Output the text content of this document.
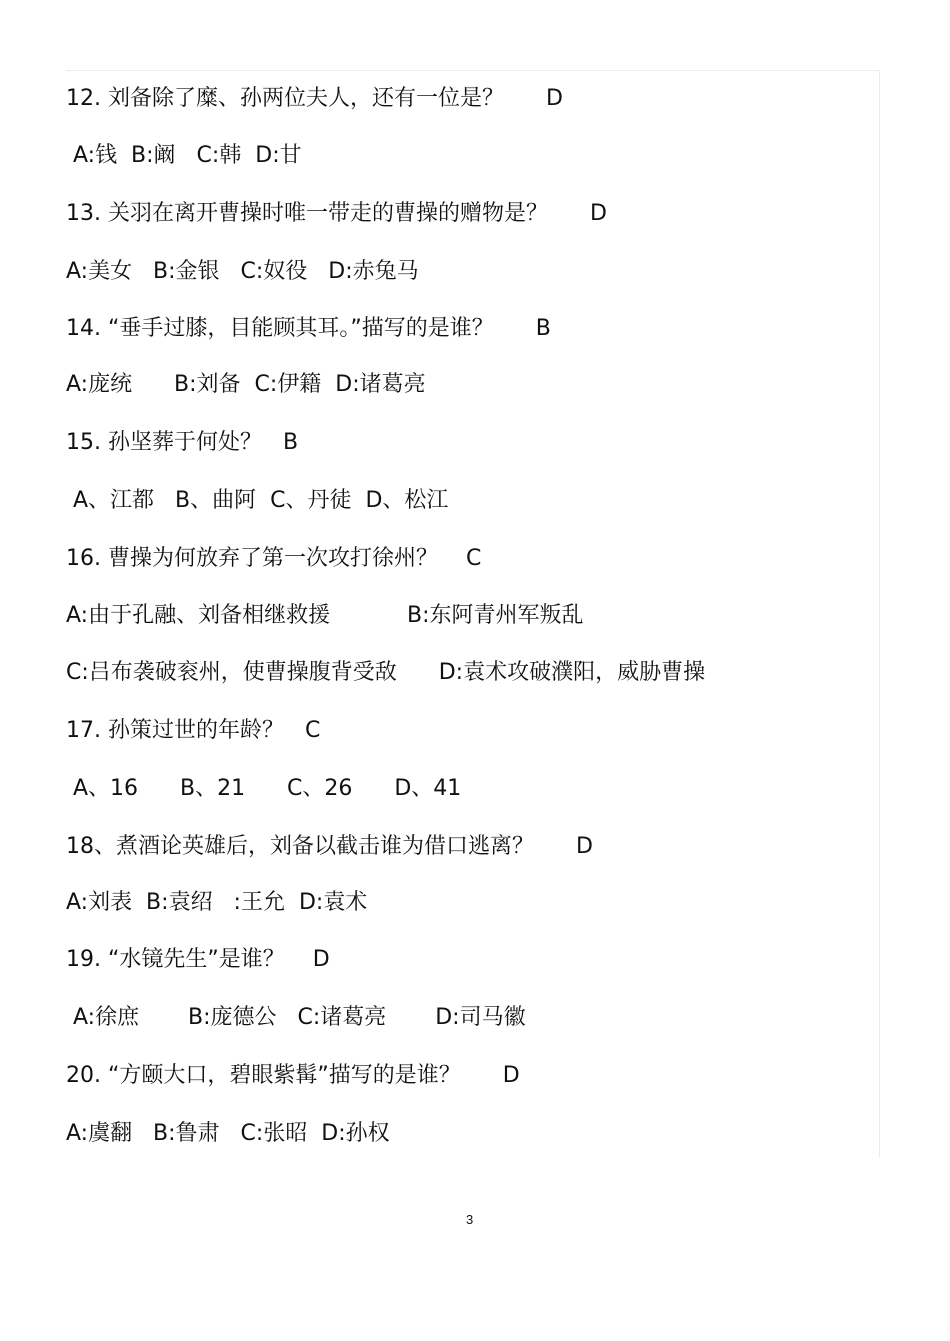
12. 刘备除了糜、孙两位夫人，还有一位是？      D
A:钱  B:阚   C:韩  D:甘
13. 关羽在离开曹操时唯一带走的曹操的赠物是？      D
A:美女   B:金银   C:奴役   D:赤兔马
14. “垂手过膝，目能顾其耳。”描写的是谁？      B
A:庞统      B:刘备  C:伊籍  D:诸葛亮
15. 孙坚葬于何处？   B
A、江都   B、曲阿  C、丹徒  D、松江
16. 曹操为何放弃了第一次攻打徐州？    C
A:由于孔融、刘备相继救援           B:东阿青州军叛乱
C:吕布袭破衮州，使曹操腹背受敌      D:袁术攻破濮阳，威胁曹操
17. 孙策过世的年龄？   C
A、16      B、21      C、26      D、41
18、煮酒论英雄后，刘备以截击谁为借口逃离？      D
A:刘表  B:袁绍   :王允  D:袁术
19. “水镜先生”是谁？    D
A:徐庶       B:庞德公   C:诸葛亮       D:司马徽
20. “方颐大口，碧眼紫髯”描写的是谁？      D
A:虞翻   B:鲁肃   C:张昭  D:孙权
3
